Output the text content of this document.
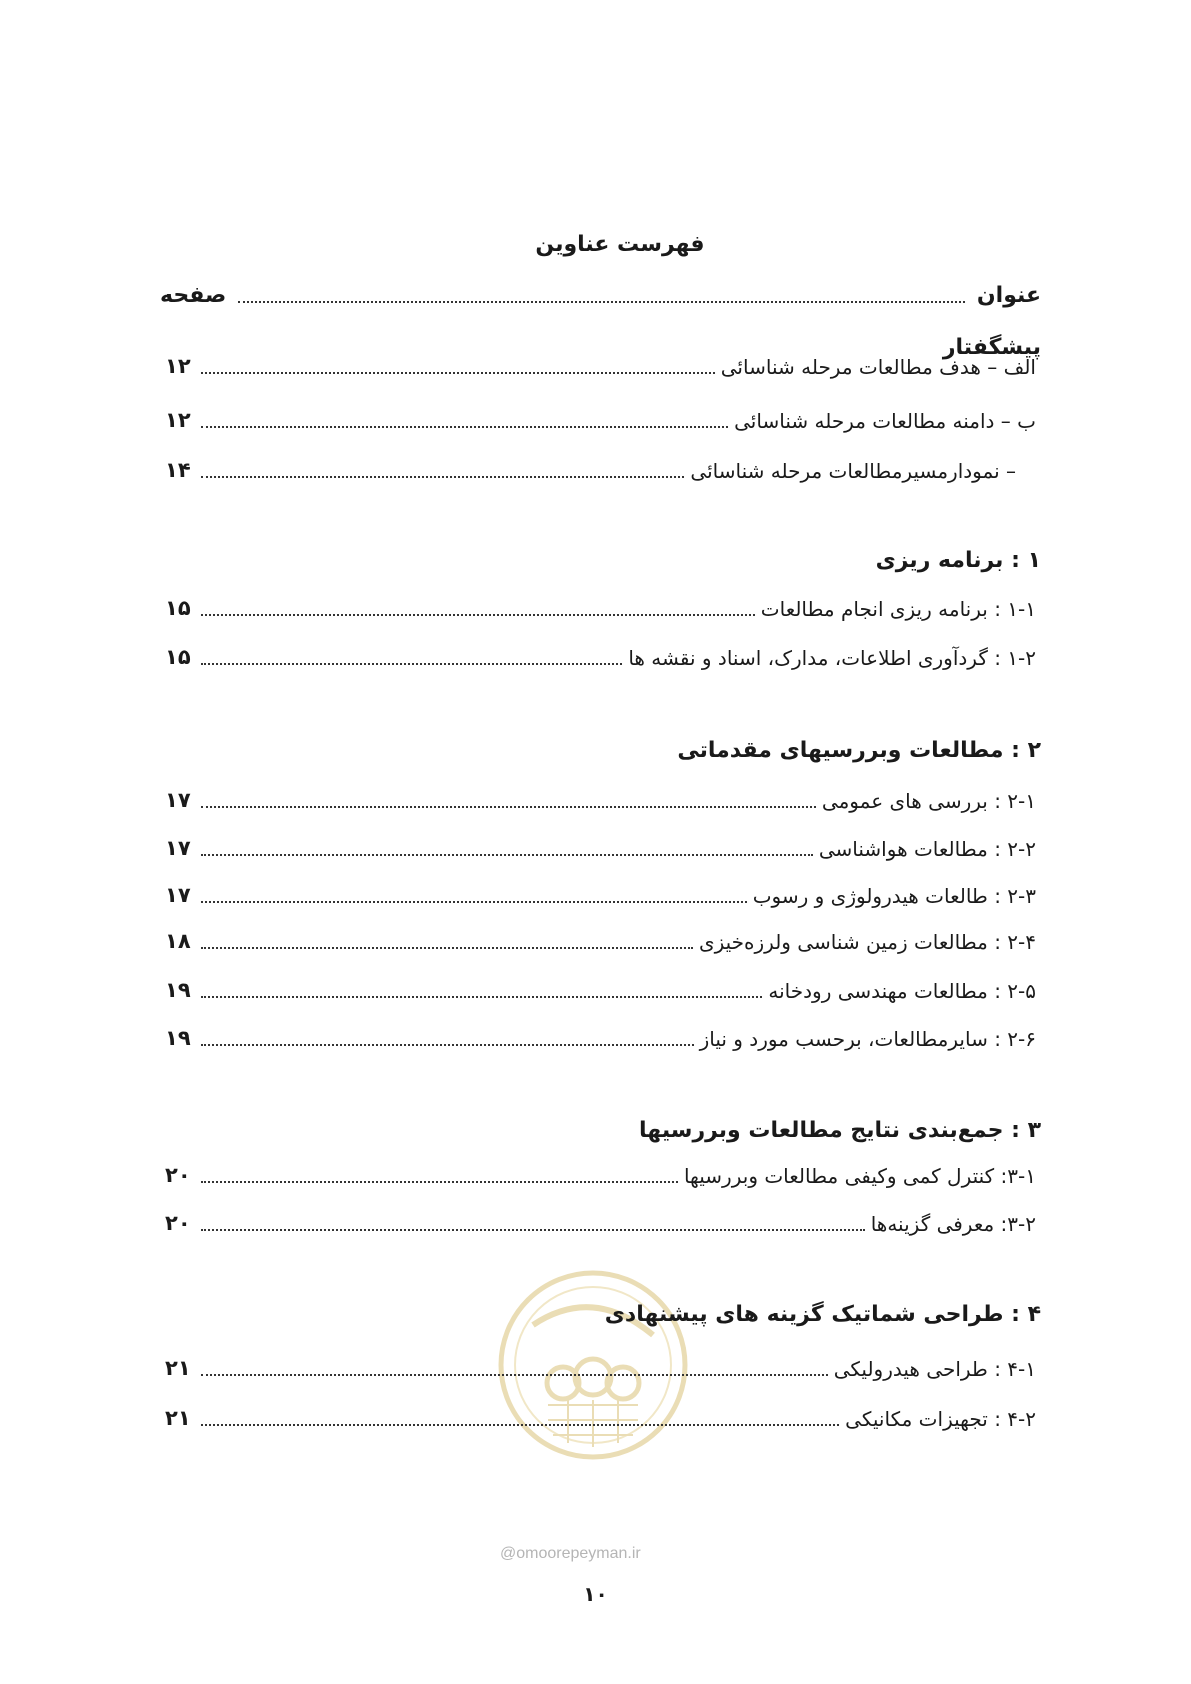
فهرست عناوین
عنوان
صفحه
پیشگفتار
الف – هدف مطالعات مرحله شناسائی
۱۲
ب – دامنه مطالعات مرحله شناسائی
۱۲
– نمودارمسیرمطالعات مرحله شناسائی
۱۴
۱ : برنامه ریزی
۱-۱ : برنامه ریزی انجام مطالعات
۱۵
۱-۲ : گردآوری اطلاعات، مدارک، اسناد و نقشه ها
۱۵
۲ : مطالعات وبررسیهای مقدماتی
۲-۱ : بررسی های عمومی
۱۷
۲-۲ : مطالعات هواشناسی
۱۷
۲-۳ : طالعات هیدرولوژی و رسوب
۱۷
۲-۴ : مطالعات زمین شناسی ولرزه‌خیزی
۱۸
۲-۵ : مطالعات مهندسی رودخانه
۱۹
۲-۶ : سایرمطالعات، برحسب مورد و نیاز
۱۹
۳ : جمع‌بندی نتایج مطالعات وبررسیها
۳-۱: کنترل کمی وکیفی مطالعات وبررسیها
۲۰
۳-۲: معرفی گزینه‌ها
۲۰
@omoorepeyman.ir
۴ : طراحی شماتیک گزینه های پیشنهادی
۴-۱ : طراحی هیدرولیکی
۲۱
۴-۲ : تجهیزات مکانیکی
۲۱
۱۰
